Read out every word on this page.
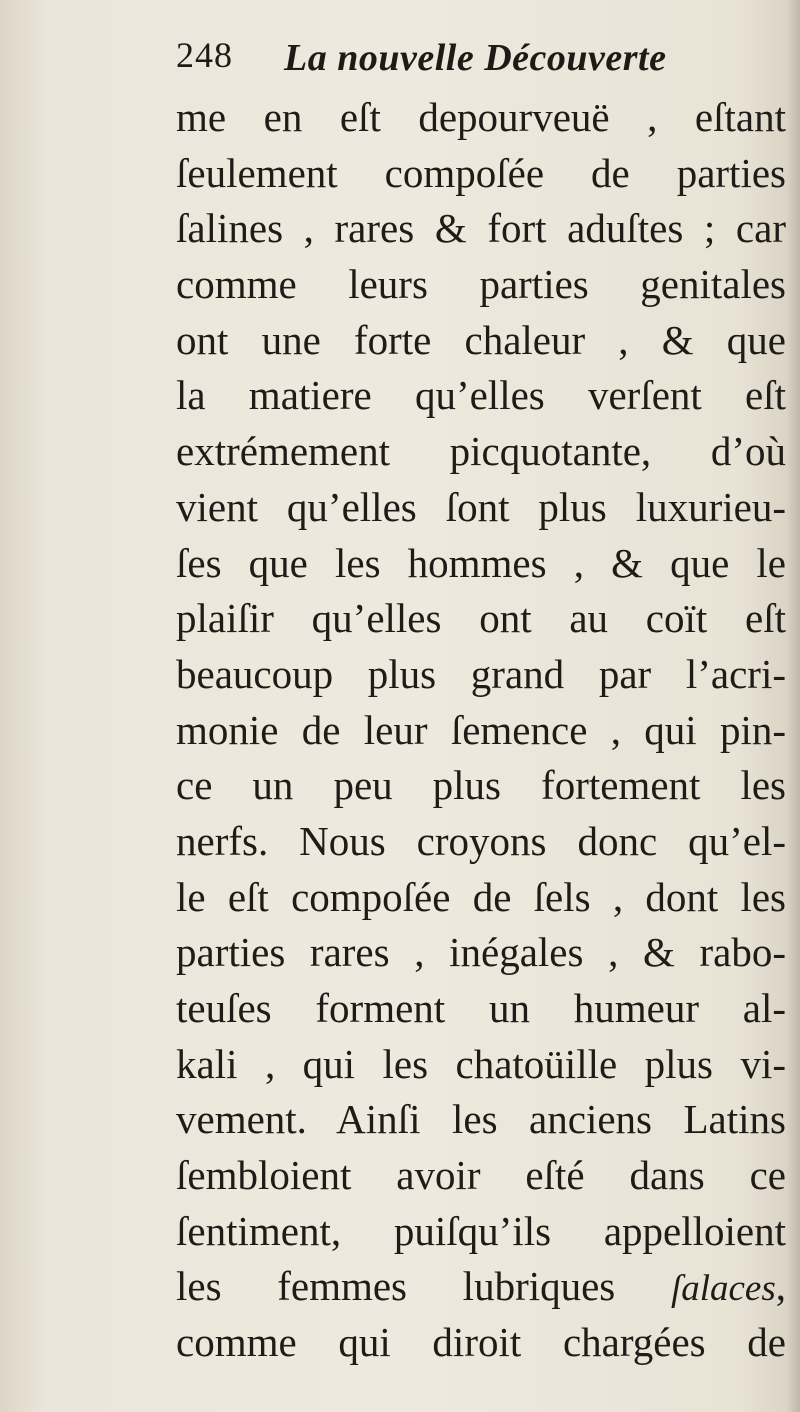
248 La nouvelle Découverte
me en eſt depourveuë , eſtant
ſeulement compoſée de parties
ſalines , rares & fort aduſtes ; car
comme leurs parties genitales
ont une forte chaleur , & que
la matiere qu’elles verſent eſt
extrémement picquotante, d’où
vient qu’elles ſont plus luxurieu-
ſes que les hommes , & que le
plaiſir qu’elles ont au coït eſt
beaucoup plus grand par l’acri-
monie de leur ſemence , qui pin-
ce un peu plus fortement les
nerfs. Nous croyons donc qu’el-
le eſt compoſée de ſels , dont les
parties rares , inégales , & rabo-
teuſes forment un humeur al-
kali , qui les chatoüille plus vi-
vement. Ainſi les anciens Latins
ſembloient avoir eſté dans ce
ſentiment, puiſqu’ils appelloient
les femmes lubriques ſalaces,
comme qui diroit chargées de
